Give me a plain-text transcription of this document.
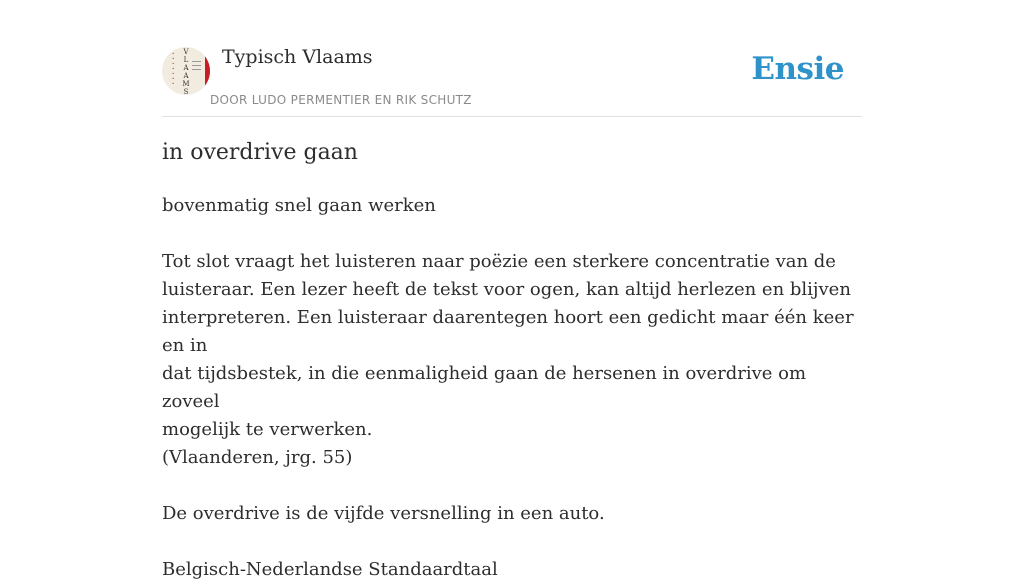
•
•
•
•
•
•
•
V
L
A
A
M
S
Typisch Vlaams
DOOR LUDO PERMENTIER EN RIK SCHUTZ
Ensie
in overdrive gaan

bovenmatig snel gaan werken

Tot slot vraagt het luisteren naar poëzie een sterkere concentratie van de

luisteraar. Een lezer heeft de tekst voor ogen, kan altijd herlezen en blijven

interpreteren. Een luisteraar daarentegen hoort een gedicht maar één keer en in

dat tijdsbestek, in die eenmaligheid gaan de hersenen in overdrive om zoveel

mogelijk te verwerken.

(Vlaanderen, jrg. 55)

De overdrive is de vijfde versnelling in een auto.

Belgisch-Nederlandse Standaardtaal
